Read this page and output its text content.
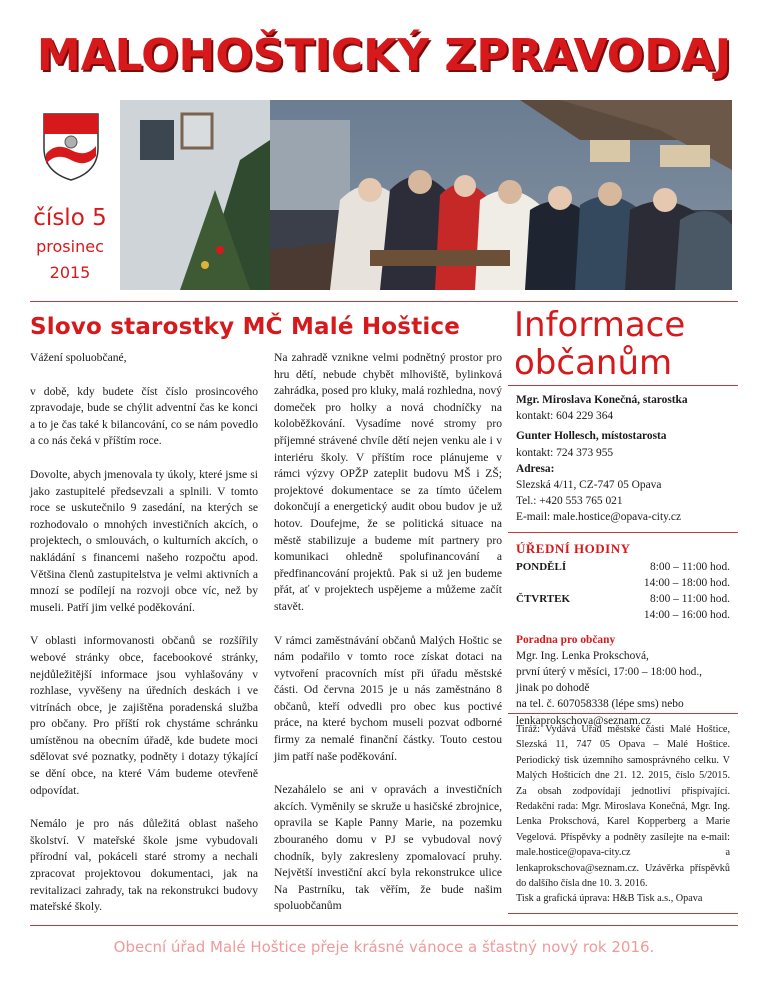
MALOHOŠTICKÝ ZPRAVODAJ
číslo 5
prosinec
2015
Slovo starostky MČ Malé Hoštice

Vážení spoluobčané,

v době, kdy budete číst číslo prosincového zpravodaje, bude se chýlit adventní čas ke konci a to je čas také k bilancování, co se nám povedlo a co nás čeká v příštím roce.

Dovolte, abych jmenovala ty úkoly, které jsme si jako zastupitelé předsevzali a splnili. V tomto roce se uskutečnilo 9 zasedání, na kterých se rozhodovalo o mnohých investičních akcích, o projektech, o smlouvách, o kulturních akcích, o nakládání s financemi našeho rozpočtu apod. Většina členů zastupitelstva je velmi aktivních a mnozí se podílejí na rozvoji obce víc, než by museli. Patří jim velké poděkování.

V oblasti informovanosti občanů se rozšířily webové stránky obce, facebookové stránky, nejdůležitější informace jsou vyhlašovány v rozhlase, vyvěšeny na úředních deskách i ve vitrínách obce, je zajištěna poradenská služba pro občany. Pro příští rok chystáme schránku umístěnou na obecním úřadě, kde budete moci sdělovat své poznatky, podněty i dotazy týkající se dění obce, na které Vám budeme otevřeně odpovídat.

Nemálo je pro nás důležitá oblast našeho školství. V mateřské škole jsme vybudovali přírodní val, pokáceli staré stromy a nechali zpracovat projektovou dokumentaci, jak na revitalizaci zahrady, tak na rekonstrukci budovy mateřské školy.

Na zahradě vznikne velmi podnětný prostor pro hru dětí, nebude chybět mlhoviště, bylinková zahrádka, posed pro kluky, malá rozhledna, nový domeček pro holky a nová chodníčky na koloběžkování. Vysadíme nové stromy pro příjemné strávené chvíle dětí nejen venku ale i v interiéru školy. V příštím roce plánujeme v rámci výzvy OPŽP zateplit budovu MŠ i ZŠ; projektové dokumentace se za tímto účelem dokončují a energetický audit obou budov je už hotov. Doufejme, že se politická situace na městě stabilizuje a budeme mít partnery pro komunikaci ohledně spolufinancování a předfinancování projektů. Pak si už jen budeme přát, ať v projektech uspějeme a můžeme začít stavět.

V rámci zaměstnávání občanů Malých Hoštic se nám podařilo v tomto roce získat dotaci na vytvoření pracovních míst při úřadu městské části. Od června 2015 je u nás zaměstnáno 8 občanů, kteří odvedli pro obec kus poctivé práce, na které bychom museli pozvat odborné firmy za nemalé finanční částky. Touto cestou jim patří naše poděkování.

Nezahálelo se ani v opravách a investičních akcích. Vyměnily se skruže u hasičské zbrojnice, opravila se Kaple Panny Marie, na pozemku zbouraného domu v PJ se vybudoval nový chodník, byly zakresleny zpomalovací pruhy. Největší investiční akcí byla rekonstrukce ulice Na Pastrníku, tak věřím, že bude našim spoluobčanům

Informace
občanům
Mgr. Miroslava Konečná, starostka
kontakt: 604 229 364
Gunter Hollesch, místostarosta
kontakt: 724 373 955
Adresa:
Slezská 4/11, CZ-747 05 Opava
Tel.: +420 553 765 021
E-mail: male.hostice@opava-city.cz
ÚŘEDNÍ HODINY
PONDĚLÍ	8:00 – 11:00 hod.
14:00 – 18:00 hod.
ČTVRTEK	8:00 – 11:00 hod.
14:00 – 16:00 hod.
Poradna pro občany
Mgr. Ing. Lenka Prokschová,
první úterý v měsíci, 17:00 – 18:00 hod.,
jinak po dohodě
na tel. č. 607058338 (lépe sms) nebo
lenkaprokschova@seznam.cz
Tiráž: Vydává Úřad městské části Malé Hoštice, Slezská 11, 747 05 Opava – Malé Hoštice. Periodický tisk územního samosprávného celku. V Malých Hošticích dne 21. 12. 2015, číslo 5/2015. Za obsah zodpovídají jednotliví přispívající. Redakční rada: Mgr. Miroslava Konečná, Mgr. Ing. Lenka Prokschová, Karel Kopperberg a Marie Vegelová. Příspěvky a podněty zasílejte na e-mail: male.hostice@opava-city.cz a lenkaprokschova@seznam.cz. Uzávěrka příspěvků do dalšího čísla dne 10. 3. 2016.
Tisk a grafická úprava: H&B Tisk a.s., Opava
Obecní úřad Malé Hoštice přeje krásné vánoce a šťastný nový rok 2016.
